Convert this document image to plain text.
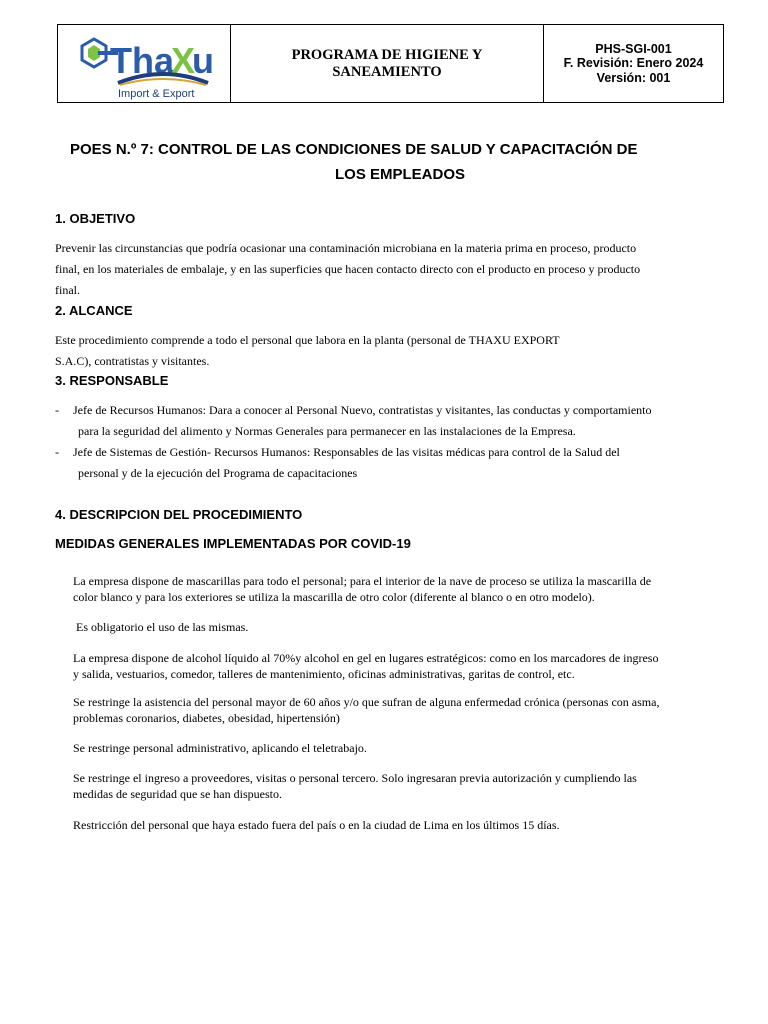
Tha
X
u
Import & Export
PROGRAMA DE HIGIENE Y
SANEAMIENTO
PHS-SGI-001
F. Revisión: Enero 2024
Versión: 001
POES N.º 7: CONTROL DE LAS CONDICIONES DE SALUD Y CAPACITACIÓN DE
LOS EMPLEADOS
1. OBJETIVO
Prevenir las circunstancias que podría ocasionar una contaminación microbiana en la materia prima en proceso, producto
final, en los materiales de embalaje, y en las superficies que hacen contacto directo con el producto en proceso y producto
final.
2. ALCANCE
Este procedimiento comprende a todo el personal que labora en la planta (personal de THAXU EXPORT
S.A.C), contratistas y visitantes.
3. RESPONSABLE
-	Jefe de Recursos Humanos: Dara a conocer al Personal Nuevo, contratistas y visitantes, las conductas y comportamiento
para la seguridad del alimento y Normas Generales para permanecer en las instalaciones de la Empresa.
-	Jefe de Sistemas de Gestión- Recursos Humanos: Responsables de las visitas médicas para control de la Salud del
personal y de la ejecución del Programa de capacitaciones
4. DESCRIPCION DEL PROCEDIMIENTO
MEDIDAS GENERALES IMPLEMENTADAS POR COVID-19
La empresa dispone de mascarillas para todo el personal; para el interior de la nave de proceso se utiliza la mascarilla de
color blanco y para los exteriores se utiliza la mascarilla de otro color (diferente al blanco o en otro modelo).
Es obligatorio el uso de las mismas.
La empresa dispone de alcohol líquido al 70%y alcohol en gel en lugares estratégicos: como en los marcadores de ingreso
y salida, vestuarios, comedor, talleres de mantenimiento, oficinas administrativas, garitas de control, etc.
Se restringe la asistencia del personal mayor de 60 años y/o que sufran de alguna enfermedad crónica (personas con asma,
problemas coronarios, diabetes, obesidad, hipertensión)
Se restringe personal administrativo, aplicando el teletrabajo.
Se restringe el ingreso a proveedores, visitas o personal tercero. Solo ingresaran previa autorización y cumpliendo las
medidas de seguridad que se han dispuesto.
Restricción del personal que haya estado fuera del país o en la ciudad de Lima en los últimos 15 días.
